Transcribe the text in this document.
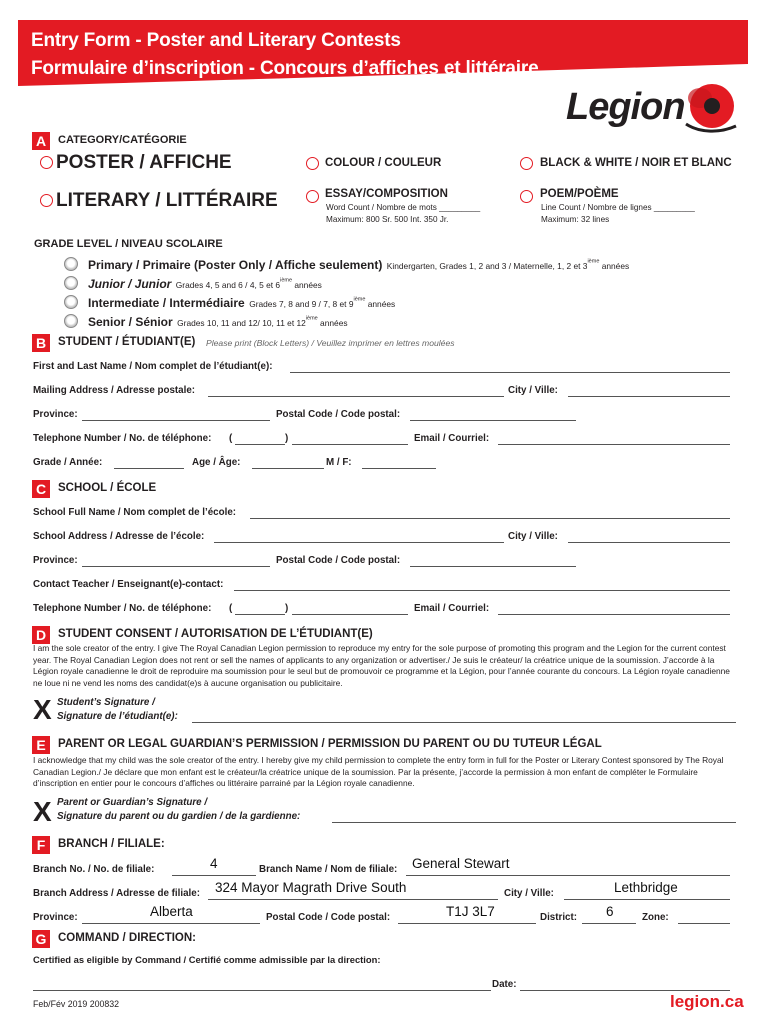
Entry Form - Poster and Literary Contests
Formulaire d’inscription - Concours d’affiches et littéraire
Legion
A	CATEGORY/CATÉGORIE
POSTER / AFFICHE
LITERARY / LITTÉRAIRE
COLOUR / COULEUR	BLACK & WHITE / NOIR ET BLANC
ESSAY/COMPOSITION
Word Count / Nombre de mots _________
Maximum: 800 Sr. 500 Int. 350 Jr.
POEM/POÈME
Line Count / Nombre de lignes _________
Maximum: 32 lines
GRADE LEVEL / NIVEAU SCOLAIRE
Primary / Primaire (Poster Only / Affiche seulement) Kindergarten, Grades 1, 2 and 3 / Maternelle, 1, 2 et 3ième années
Junior / Junior Grades 4, 5 and 6 / 4, 5 et 6ième années
Intermediate / Intermédiaire Grades 7, 8 and 9 / 7, 8 et 9ième années
Senior / Sénior Grades 10, 11 and 12/ 10, 11 et 12ième années
B	STUDENT / ÉTUDIANT(E) Please print (Block Letters) / Veuillez imprimer en lettres moulées
First and Last Name / Nom complet de l’étudiant(e):
Mailing Address / Adresse postale:	City / Ville:
Province:	Postal Code / Code postal:
Telephone Number / No. de téléphone: (	)	Email / Courriel:
Grade / Année:	Age / Âge:	M / F:
C	SCHOOL / ÉCOLE
School Full Name / Nom complet de l’école:
School Address / Adresse de l’école:	City / Ville:
Province:	Postal Code / Code postal:
Contact Teacher / Enseignant(e)-contact:
Telephone Number / No. de téléphone: (	)	Email / Courriel:
D	STUDENT CONSENT / AUTORISATION DE L’ÉTUDIANT(E)
I am the sole creator of the entry. I give The Royal Canadian Legion permission to reproduce my entry for the sole purpose of promoting this program and the Legion for the current contest year. The Royal Canadian Legion does not rent or sell the names of applicants to any organization or advertiser./ Je suis le créateur/ la créatrice unique de la soumission. J’accorde à la Légion royale canadienne le droit de reproduire ma soumission pour le seul but de promouvoir ce programme et la Légion, pour l’année courante du concours. La Légion royale canadienne ne loue ni ne vend les noms des candidat(e)s à aucune organisation ou publicitaire.
X Student’s Signature /
Signature de l’étudiant(e):
E	PARENT OR LEGAL GUARDIAN’S PERMISSION / PERMISSION DU PARENT OU DU TUTEUR LÉGAL
I acknowledge that my child was the sole creator of the entry. I hereby give my child permission to complete the entry form in full for the Poster or Literary Contest sponsored by The Royal Canadian Legion./ Je déclare que mon enfant est le créateur/la créatrice unique de la soumission. Par la présente, j’accorde la permission à mon enfant de compléter le Formulaire d’inscription en entier pour le concours d’affiches ou littéraire parrainé par la Légion royale canadienne.
X Parent or Guardian’s Signature /
Signature du parent ou du gardien / de la gardienne:
F	BRANCH / FILIALE:
Branch No. / No. de filiale:	4	Branch Name / Nom de filiale: General Stewart
Branch Address / Adresse de filiale: 324 Mayor Magrath Drive South	City / Ville:	Lethbridge
Province:	Alberta	Postal Code / Code postal:	T1J 3L7	District: 6	Zone:
G	COMMAND / DIRECTION:
Certified as eligible by Command / Certifié comme admissible par la direction:
Date:
Feb/Fév 2019 200832	legion.ca
